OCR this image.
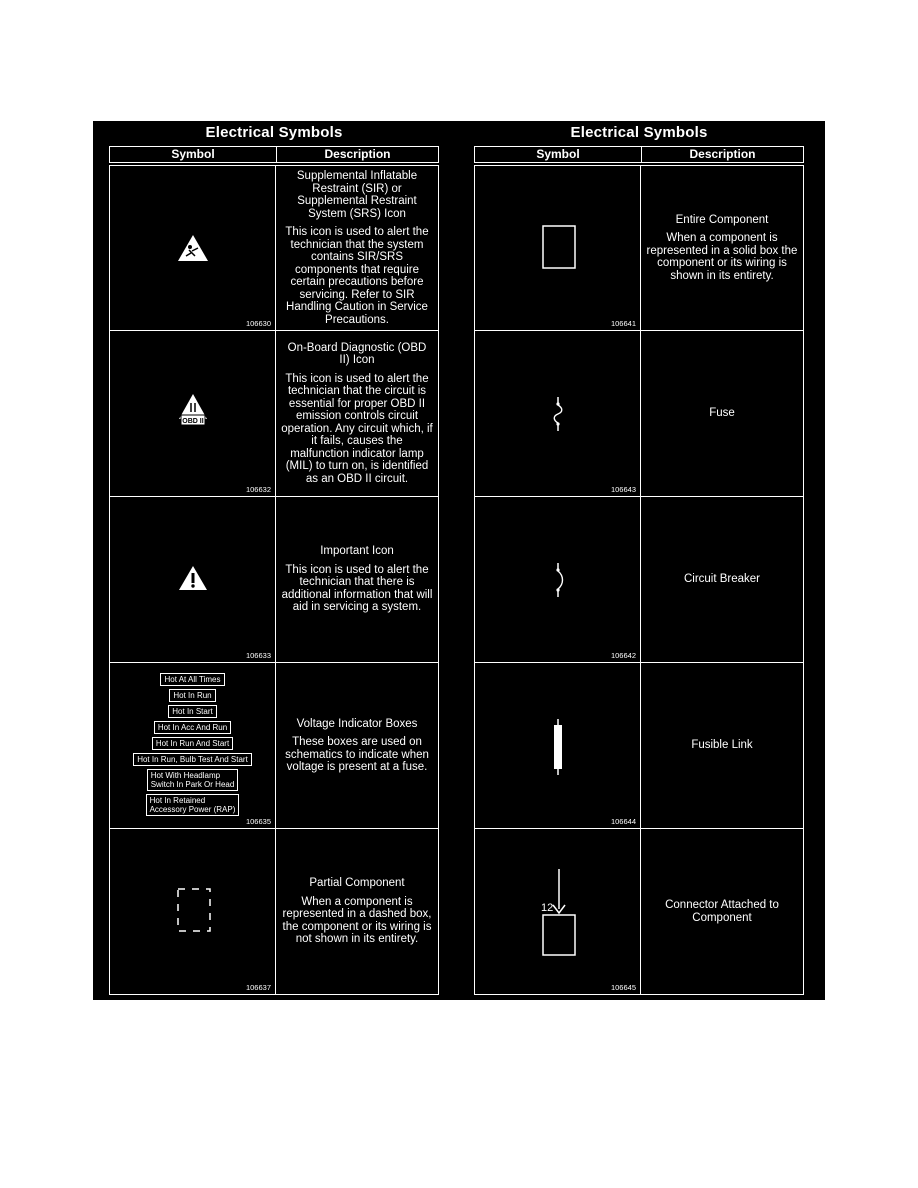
Electrical Symbols
Symbol	Description
106630
Supplemental Inflatable Restraint (SIR) or Supplemental Restraint System (SRS) Icon
This icon is used to alert the technician that the system contains SIR/SRS components that require certain precautions before servicing. Refer to SIR Handling Caution in Service Precautions.
OBD II
106632
On-Board Diagnostic (OBD II) Icon
This icon is used to alert the technician that the circuit is essential for proper OBD II emission controls circuit operation. Any circuit which, if it fails, causes the malfunction indicator lamp (MIL) to turn on, is identified as an OBD II circuit.
106633
Important Icon
This icon is used to alert the technician that there is additional information that will aid in servicing a system.
Hot At All Times
Hot In Run
Hot In Start
Hot In Acc And Run
Hot In Run And Start
Hot In Run, Bulb Test And Start
Hot With Headlamp
Switch In Park Or Head
Hot In Retained
Accessory Power (RAP)
106635
Voltage Indicator Boxes
These boxes are used on schematics to indicate when voltage is present at a fuse.
106637
Partial Component
When a component is represented in a dashed box, the component or its wiring is not shown in its entirety.
Electrical Symbols
Symbol	Description
106641
Entire Component
When a component is represented in a solid box the component or its wiring is shown in its entirety.
106643
Fuse
106642
Circuit Breaker
106644
Fusible Link
12
106645
Connector Attached to Component
